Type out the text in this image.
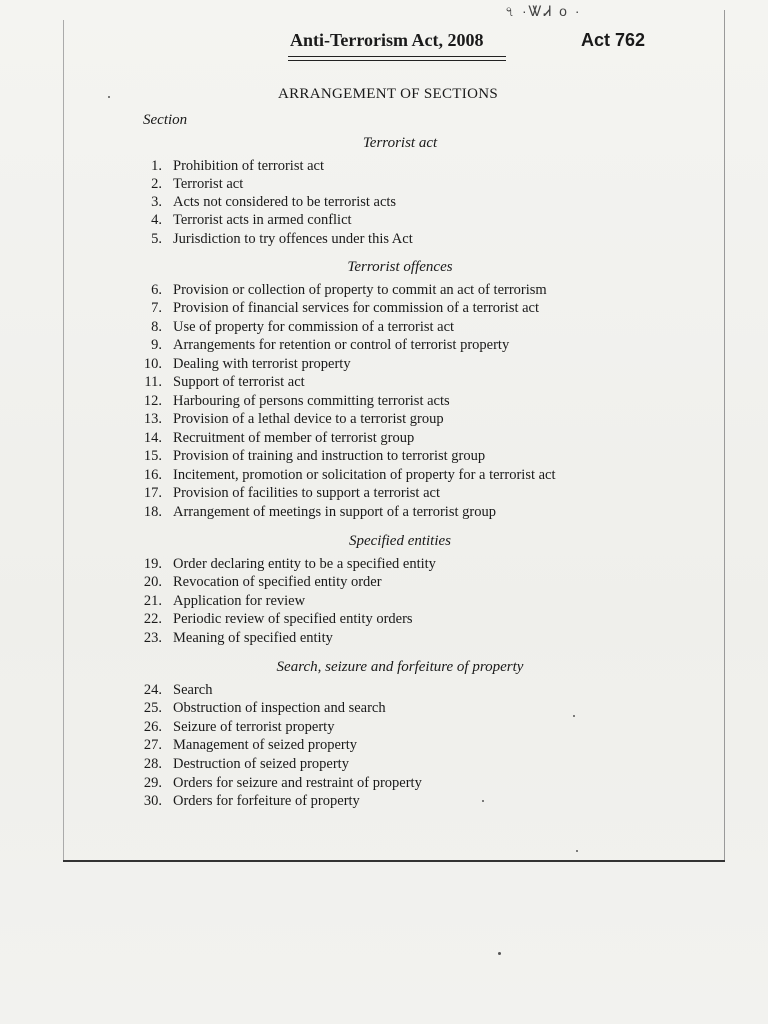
৭ ·ᏔᏗ ᴏ ·
Anti-Terrorism Act, 2008	Act 762
ARRANGEMENT OF SECTIONS
Section
Terrorist act
1. Prohibition of terrorist act
2. Terrorist act
3. Acts not considered to be terrorist acts
4. Terrorist acts in armed conflict
5. Jurisdiction to try offences under this Act
Terrorist offences
6. Provision or collection of property to commit an act of terrorism
7. Provision of financial services for commission of a terrorist act
8. Use of property for commission of a terrorist act
9. Arrangements for retention or control of terrorist property
10. Dealing with terrorist property
11. Support of terrorist act
12. Harbouring of persons committing terrorist acts
13. Provision of a lethal device to a terrorist group
14. Recruitment of member of terrorist group
15. Provision of training and instruction to terrorist group
16. Incitement, promotion or solicitation of property for a terrorist act
17. Provision of facilities to support a terrorist act
18. Arrangement of meetings in support of a terrorist group
Specified entities
19. Order declaring entity to be a specified entity
20. Revocation of specified entity order
21. Application for review
22. Periodic review of specified entity orders
23. Meaning of specified entity
Search, seizure and forfeiture of property
24. Search
25. Obstruction of inspection and search
26. Seizure of terrorist property
27. Management of seized property
28. Destruction of seized property
29. Orders for seizure and restraint of property
30. Orders for forfeiture of property
